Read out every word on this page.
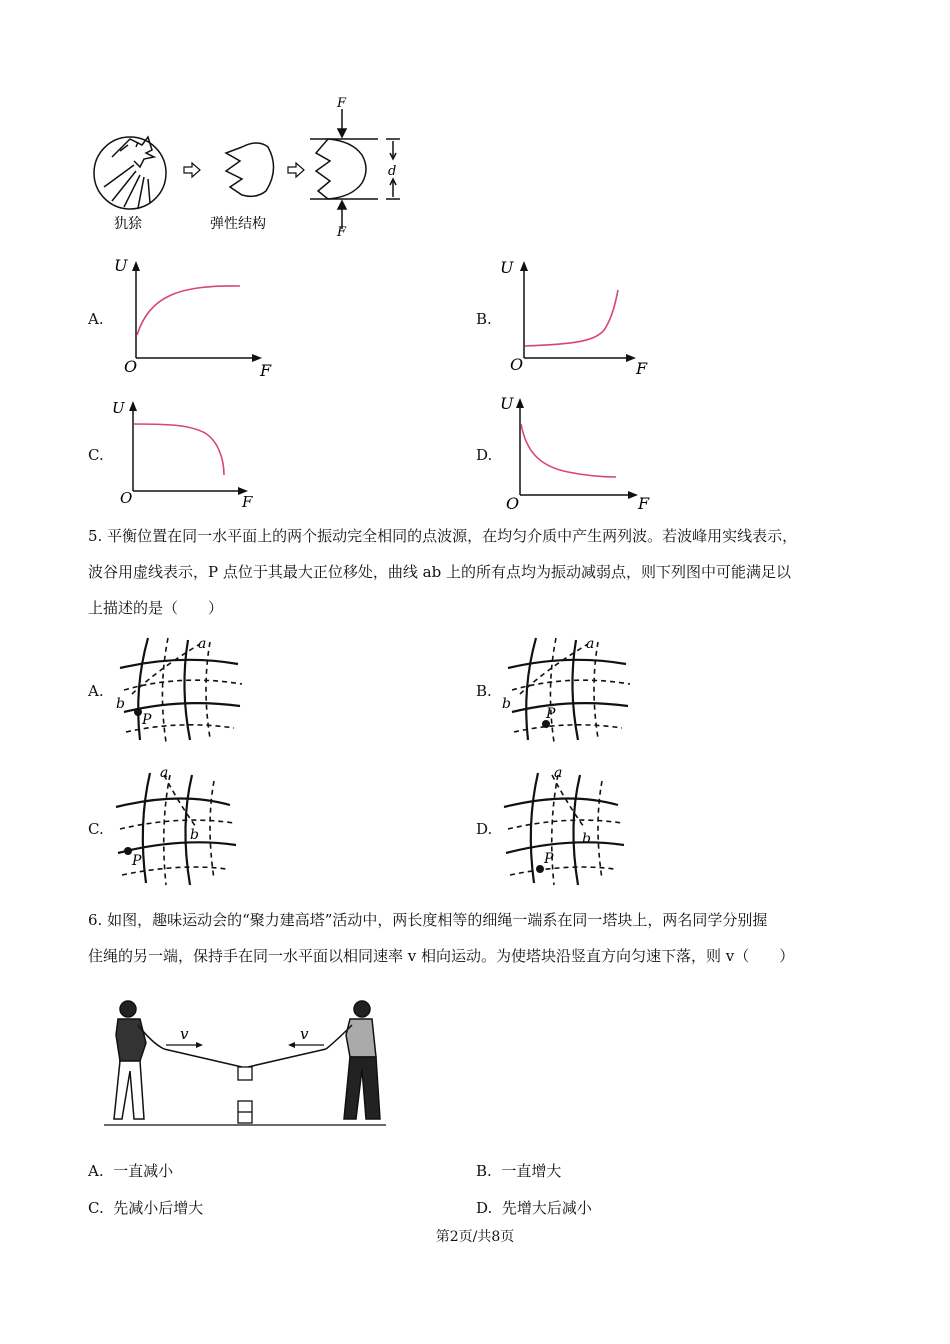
犰狳	弹性结构
F
F
d
A.
U
O	F
B.
U
O	F
C.
U
O	F
D.
U
O	F
5. 平衡位置在同一水平面上的两个振动完全相同的点波源，在均匀介质中产生两列波。若波峰用实线表示，
波谷用虚线表示，P 点位于其最大正位移处，曲线 ab 上的所有点均为振动减弱点，则下列图中可能满足以
上描述的是（　　）
A.
a
b
P
B.
a
b
P
C.
a
b
P
D.
a
b
P
6. 如图，趣味运动会的“聚力建高塔”活动中，两长度相等的细绳一端系在同一塔块上，两名同学分别握
住绳的另一端，保持手在同一水平面以相同速率 v 相向运动。为使塔块沿竖直方向匀速下落，则 v（　　）
v	v
A. 一直减小	B. 一直增大
C. 先减小后增大	D. 先增大后减小
第2页/共8页
